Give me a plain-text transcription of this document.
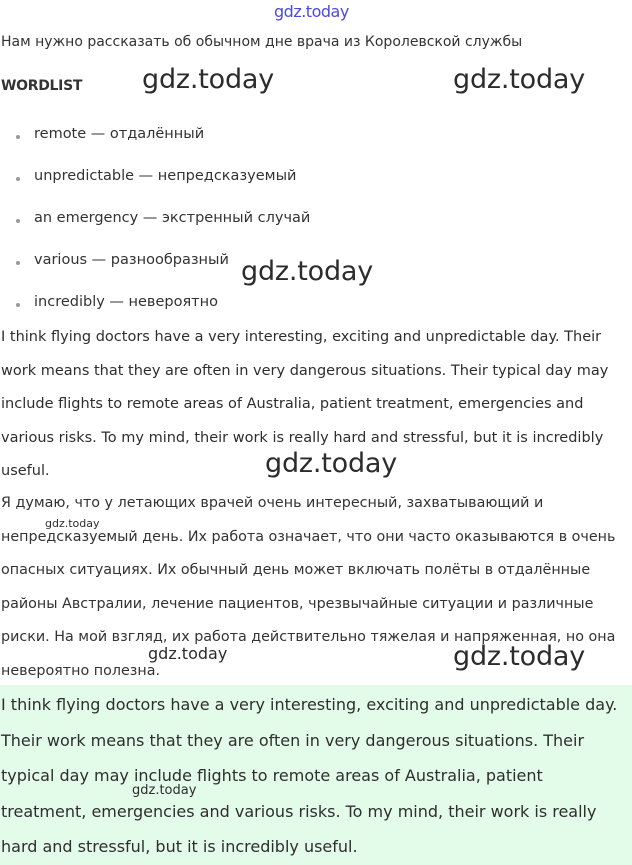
gdz.today
Нам нужно рассказать об обычном дне врача из Королевской службы
WORDLIST
remote — отдалённый
unpredictable — непредсказуемый
an emergency — экстренный случай
various — разнообразный
incredibly — невероятно

I think flying doctors have a very interesting, exciting and unpredictable day. Their work means that they are often in very dangerous situations. Their typical day may include flights to remote areas of Australia, patient treatment, emergencies and various risks. To my mind, their work is really hard and stressful, but it is incredibly useful.

Я думаю, что у летающих врачей очень интересный, захватывающий и непредсказуемый день. Их работа означает, что они часто оказываются в очень опасных ситуациях. Их обычный день может включать полёты в отдалённые районы Австралии, лечение пациентов, чрезвычайные ситуации и различные риски. На мой взгляд, их работа действительно тяжелая и напряженная, но она невероятно полезна.

I think flying doctors have a very interesting, exciting and unpredictable day. Their work means that they are often in very dangerous situations. Their typical day may include flights to remote areas of Australia, patient treatment, emergencies and various risks. To my mind, their work is really hard and stressful, but it is incredibly useful.

gdz.today	gdz.today
gdz.today
gdz.today
gdz.today
gdz.today	gdz.today
gdz.today
